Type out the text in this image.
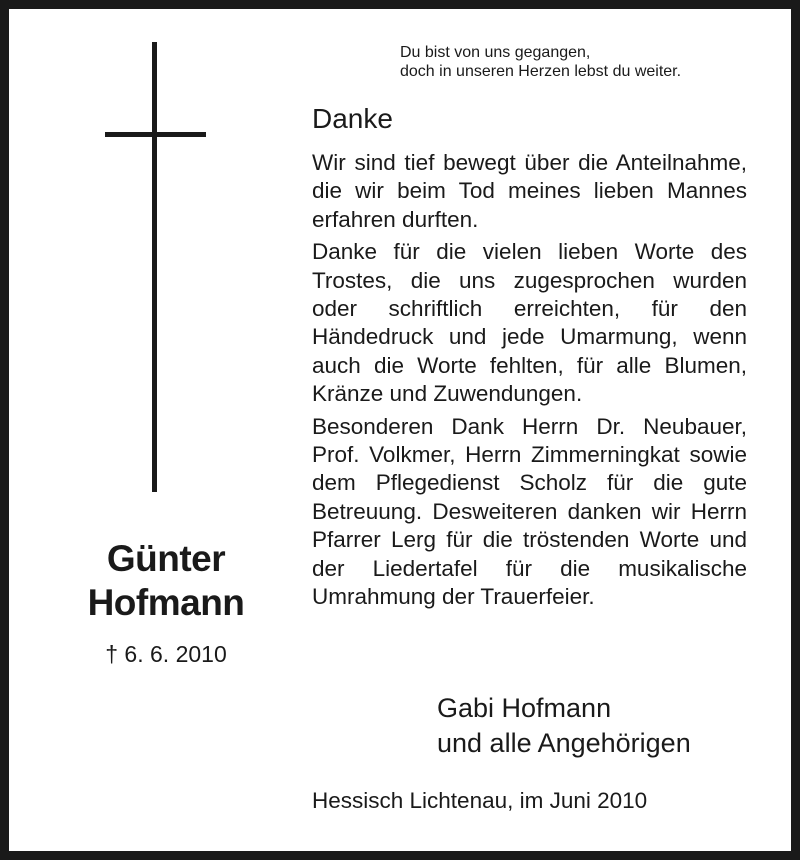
Günter
Hofmann
† 6. 6. 2010
Du bist von uns gegangen,
doch in unseren Herzen lebst du weiter.
Danke

Wir sind tief bewegt über die Anteilnahme, die wir beim Tod meines lieben Mannes erfahren durften.

Danke für die vielen lieben Worte des Trostes, die uns zugesprochen wurden oder schriftlich erreichten, für den Händedruck und jede Umarmung, wenn auch die Worte fehlten, für alle Blumen, Kränze und Zuwendungen.

Besonderen Dank Herrn Dr. Neubauer, Prof. Volkmer, Herrn Zimmerningkat sowie dem Pflegedienst Scholz für die gute Betreuung. Desweiteren danken wir Herrn Pfarrer Lerg für die tröstenden Worte und der Liedertafel für die musikalische Umrahmung der Trauerfeier.

Gabi Hofmann
und alle Angehörigen
Hessisch Lichtenau, im Juni 2010
